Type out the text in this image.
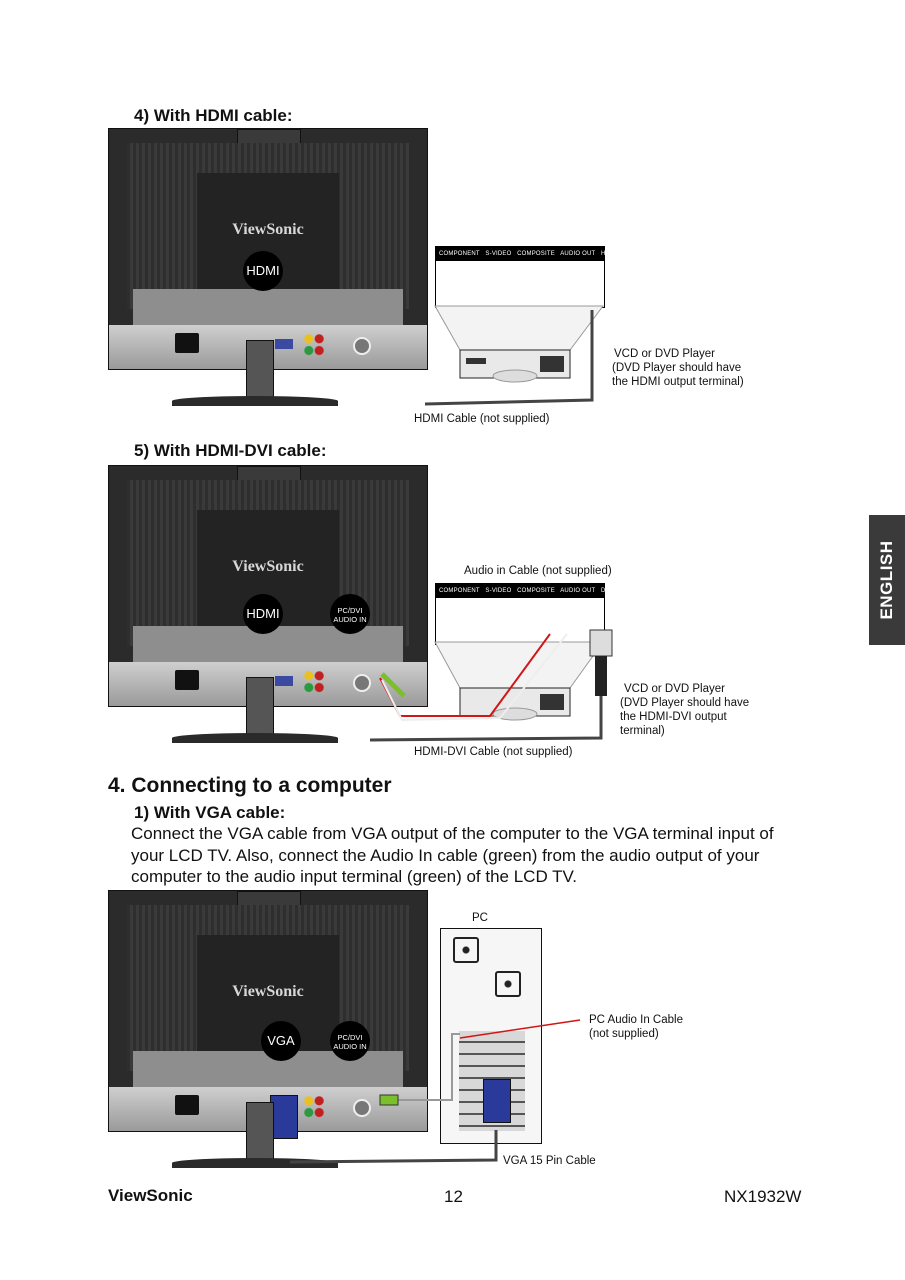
4) With HDMI cable:
ViewSonic
HDMI
COMPONENT S-VIDEO COMPOSITE AUDIO OUT HDMI
VCD or DVD Player
(DVD Player should have
the HDMI output terminal)
HDMI Cable (not supplied)
5) With HDMI-DVI cable:
ViewSonic
HDMI	PC/DVI
AUDIO IN
Audio in Cable (not supplied)
COMPONENT S-VIDEO COMPOSITE AUDIO OUT DVI-HDTV
VCD or DVD Player
(DVD Player should have
the HDMI-DVI output
terminal)
HDMI-DVI Cable (not supplied)
4. Connecting to a computer
1) With VGA cable:
Connect the VGA cable from VGA output of the computer to the VGA terminal input of
your LCD TV. Also, connect the Audio In cable (green) from the audio output of your
computer to the audio input terminal (green) of the LCD TV.
ViewSonic
VGA	PC/DVI
AUDIO IN
PC
PC Audio In Cable
(not supplied)
VGA 15 Pin Cable
ENGLISH
ViewSonic	12	NX1932W
